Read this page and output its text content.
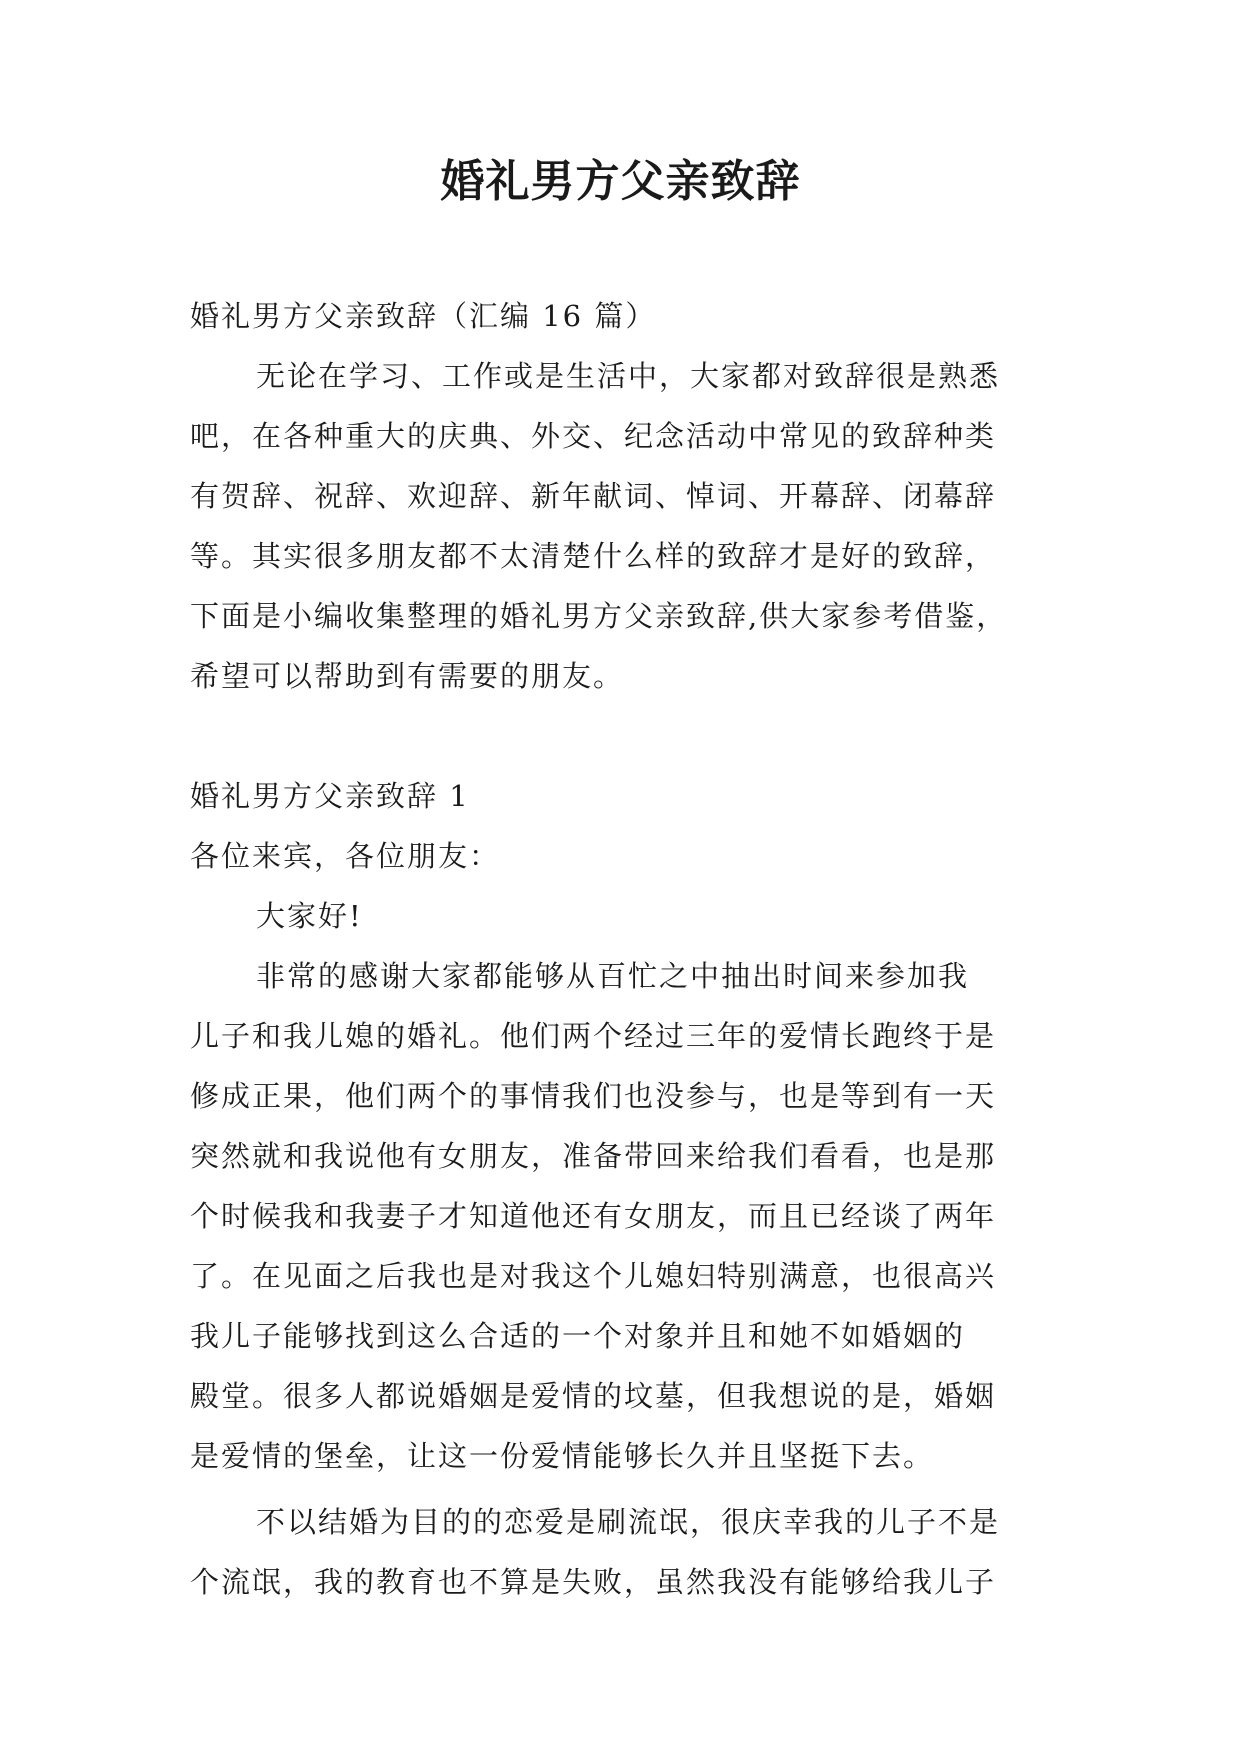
婚礼男方父亲致辞

婚礼男方父亲致辞（汇编 16 篇）

无论在学习、工作或是生活中，大家都对致辞很是熟悉

吧，在各种重大的庆典、外交、纪念活动中常见的致辞种类

有贺辞、祝辞、欢迎辞、新年献词、悼词、开幕辞、闭幕辞

等。其实很多朋友都不太清楚什么样的致辞才是好的致辞，

下面是小编收集整理的婚礼男方父亲致辞,供大家参考借鉴，

希望可以帮助到有需要的朋友。

婚礼男方父亲致辞 1

各位来宾，各位朋友：

大家好!

非常的感谢大家都能够从百忙之中抽出时间来参加我

儿子和我儿媳的婚礼。他们两个经过三年的爱情长跑终于是

修成正果，他们两个的事情我们也没参与，也是等到有一天

突然就和我说他有女朋友，准备带回来给我们看看，也是那

个时候我和我妻子才知道他还有女朋友，而且已经谈了两年

了。在见面之后我也是对我这个儿媳妇特别满意，也很高兴

我儿子能够找到这么合适的一个对象并且和她不如婚姻的

殿堂。很多人都说婚姻是爱情的坟墓，但我想说的是，婚姻

是爱情的堡垒，让这一份爱情能够长久并且坚挺下去。

不以结婚为目的的恋爱是刷流氓，很庆幸我的儿子不是

个流氓，我的教育也不算是失败，虽然我没有能够给我儿子
